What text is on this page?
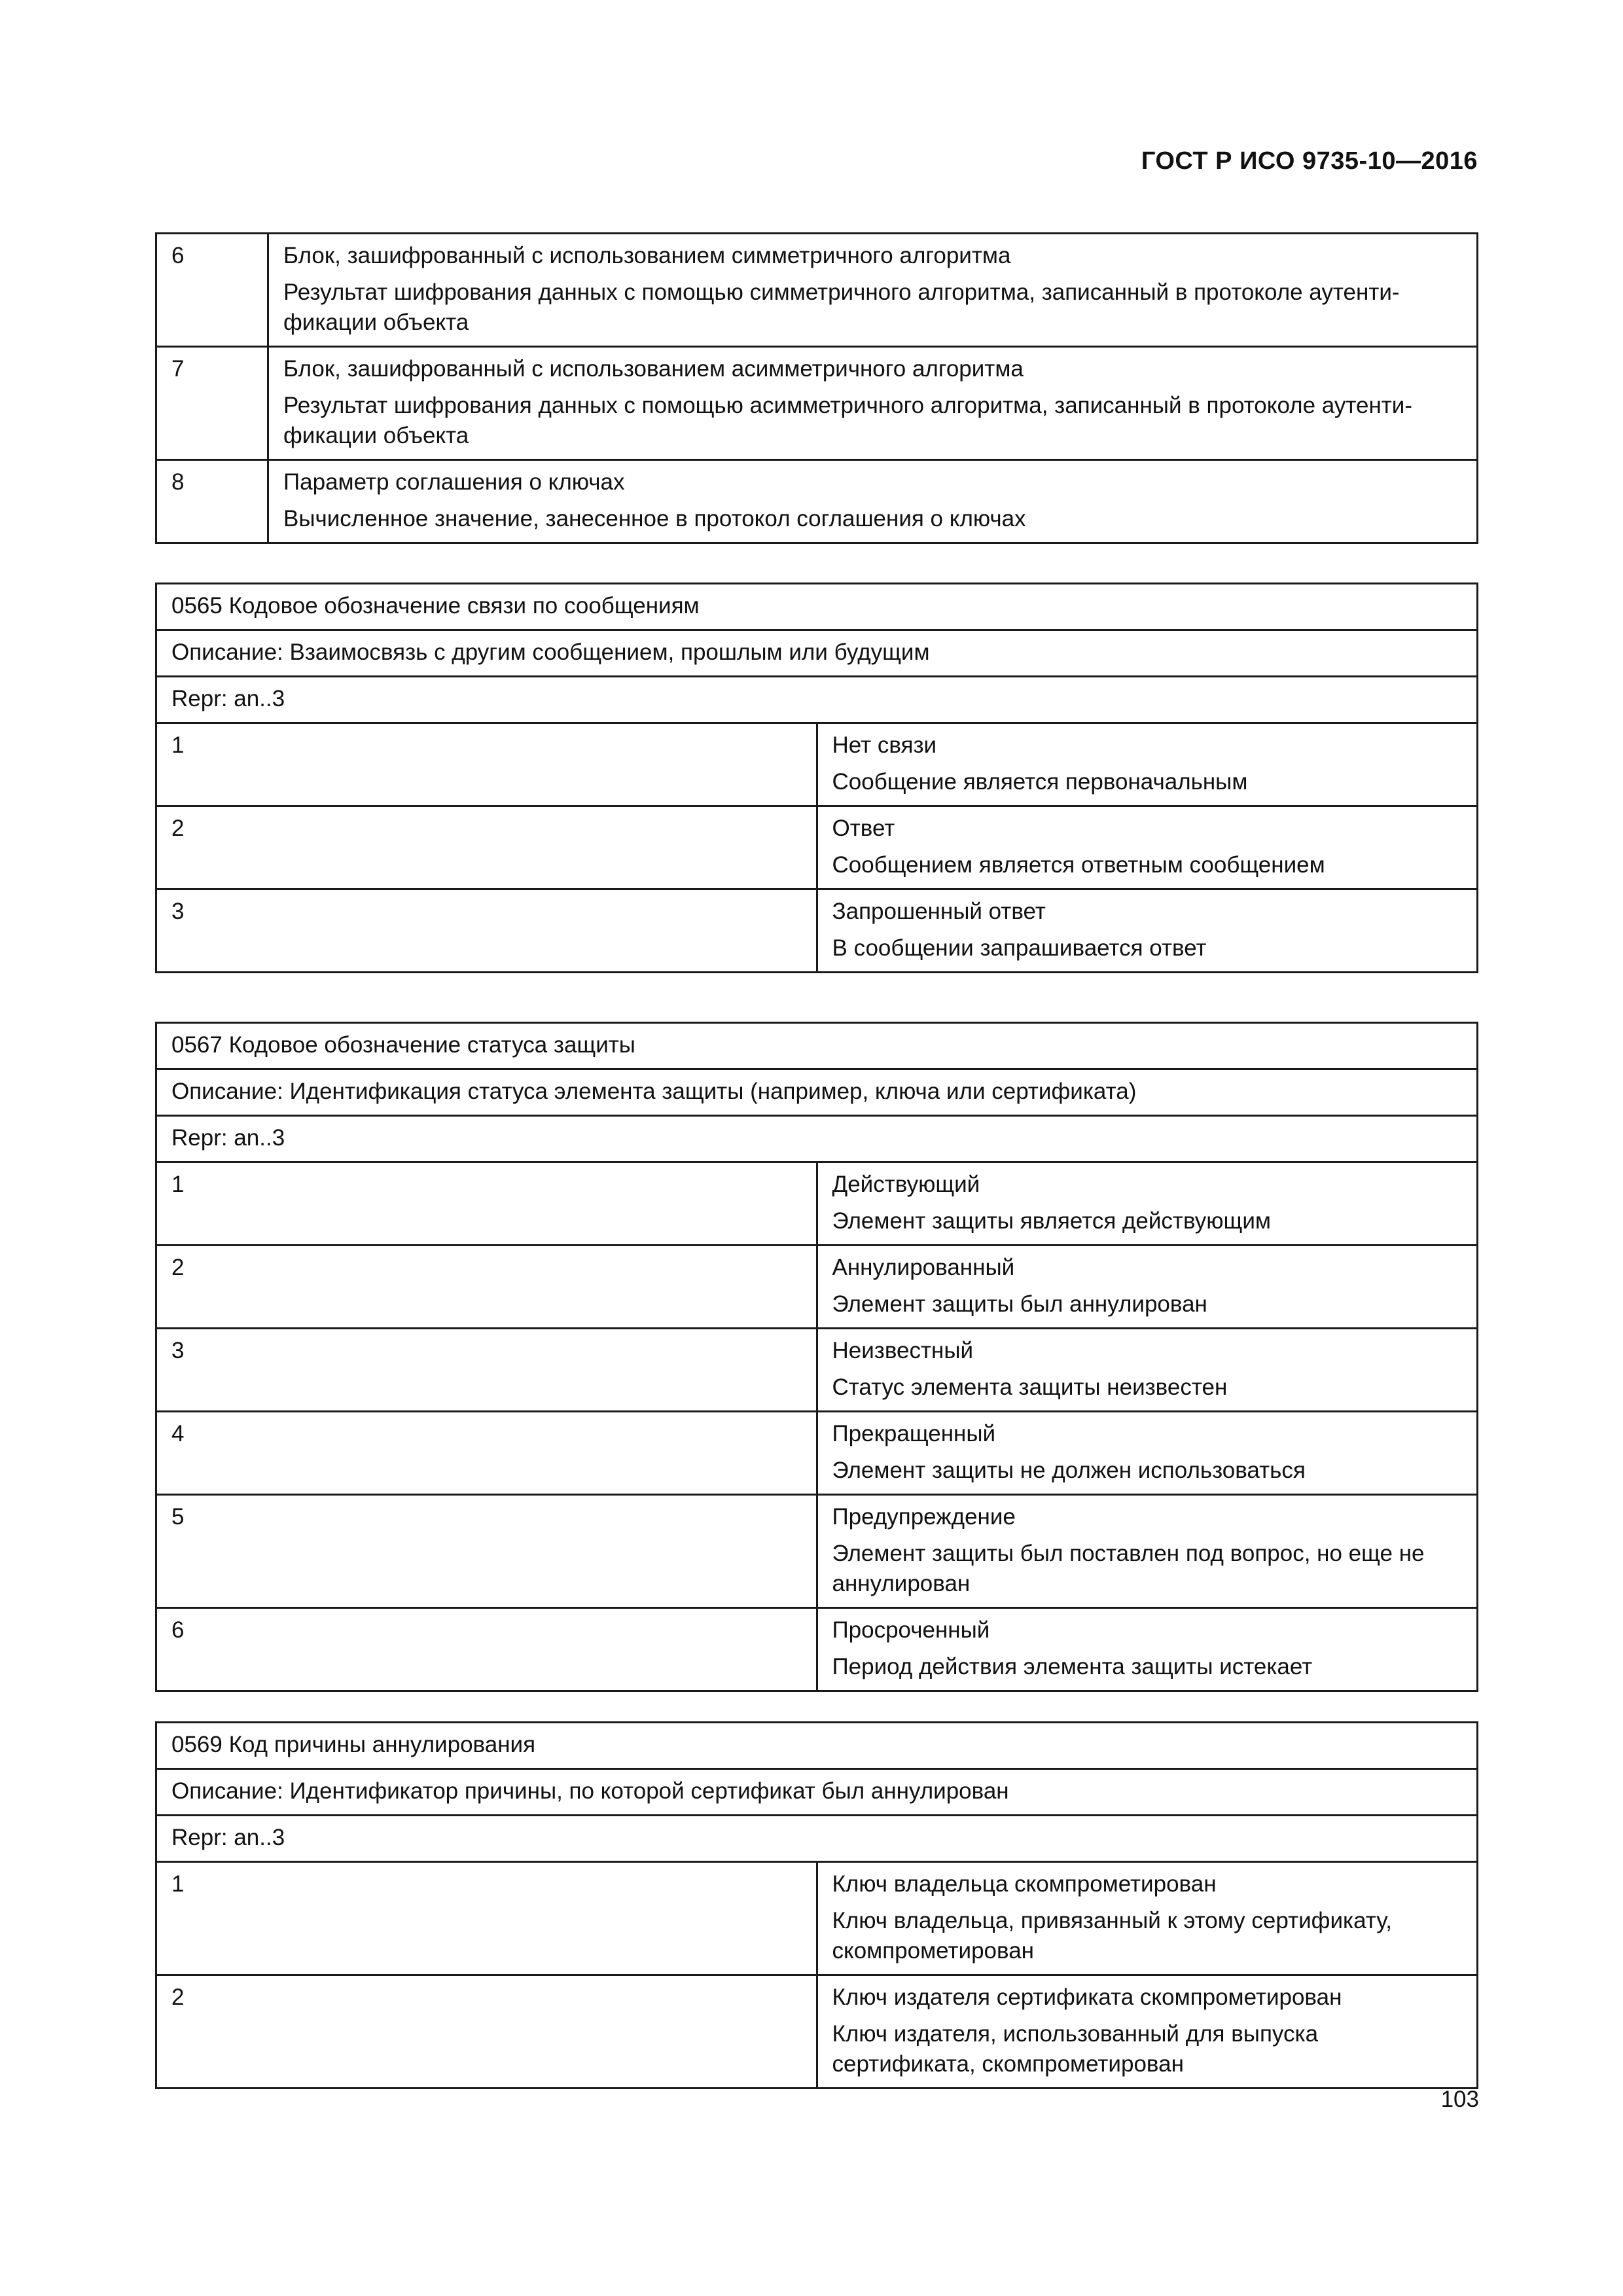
ГОСТ Р ИСО 9735-10—2016
6	Блок, зашифрованный с использованием симметричного алгоритма
Результат шифрования данных с помощью симметричного алгоритма, записанный в протоколе аутенти-фикации объекта

7	Блок, зашифрованный с использованием асимметричного алгоритма
Результат шифрования данных с помощью асимметричного алгоритма, записанный в протоколе аутенти-фикации объекта

8	Параметр соглашения о ключах
Вычисленное значение, занесенное в протокол соглашения о ключах
0565 Кодовое обозначение связи по сообщениям	
Описание: Взаимосвязь с другим сообщением, прошлым или будущим	
Repr: an..3	
1	Нет связи
Сообщение является первоначальным

2	Ответ
Сообщением является ответным сообщением

3	Запрошенный ответ
В сообщении запрашивается ответ
0567 Кодовое обозначение статуса защиты	
Описание: Идентификация статуса элемента защиты (например, ключа или сертификата)	
Repr: an..3	
1	Действующий
Элемент защиты является действующим

2	Аннулированный
Элемент защиты был аннулирован

3	Неизвестный
Статус элемента защиты неизвестен

4	Прекращенный
Элемент защиты не должен использоваться

5	Предупреждение
Элемент защиты был поставлен под вопрос, но еще не аннулирован

6	Просроченный
Период действия элемента защиты истекает
0569 Код причины аннулирования	
Описание: Идентификатор причины, по которой сертификат был аннулирован	
Repr: an..3	
1	Ключ владельца скомпрометирован
Ключ владельца, привязанный к этому сертификату, скомпрометирован

2	Ключ издателя сертификата скомпрометирован
Ключ издателя, использованный для выпуска сертификата, скомпрометирован
103
